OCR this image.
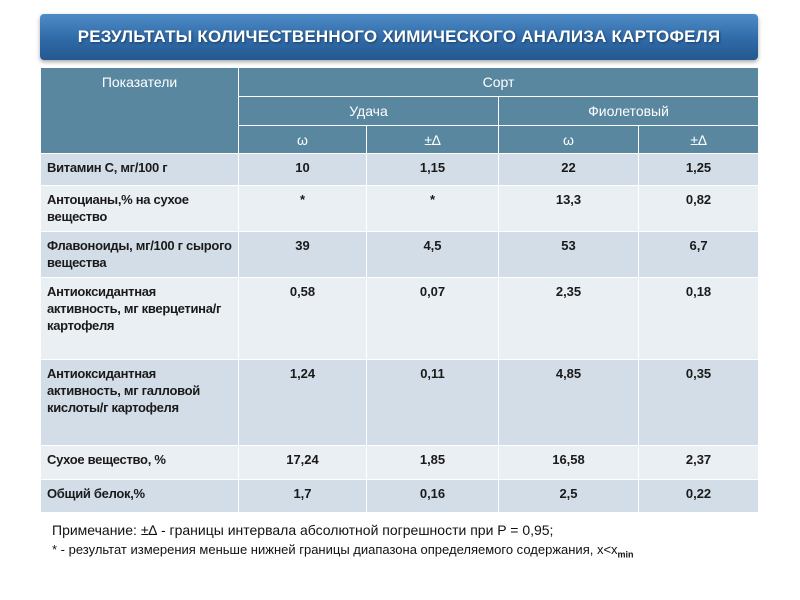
РЕЗУЛЬТАТЫ КОЛИЧЕСТВЕННОГО ХИМИЧЕСКОГО АНАЛИЗА КАРТОФЕЛЯ
Показатели	Сорт			
	Удача		Фиолетовый	
	ω	±∆	ω	±∆
Витамин С, мг/100 г	10	1,15	22	1,25
Антоцианы,% на сухое вещество	*	*	13,3	0,82
Флавоноиды, мг/100 г сырого вещества	39	4,5	53	6,7
Антиоксидантная активность, мг кверцетина/г картофеля	0,58	0,07	2,35	0,18
Антиоксидантная активность, мг галловой кислоты/г картофеля	1,24	0,11	4,85	0,35
Сухое вещество, %	17,24	1,85	16,58	2,37
Общий белок,%	1,7	0,16	2,5	0,22
Примечание: ±∆ - границы интервала абсолютной погрешности при P = 0,95;
* - результат измерения меньше нижней границы диапазона определяемого содержания, $x<x_{min}$
